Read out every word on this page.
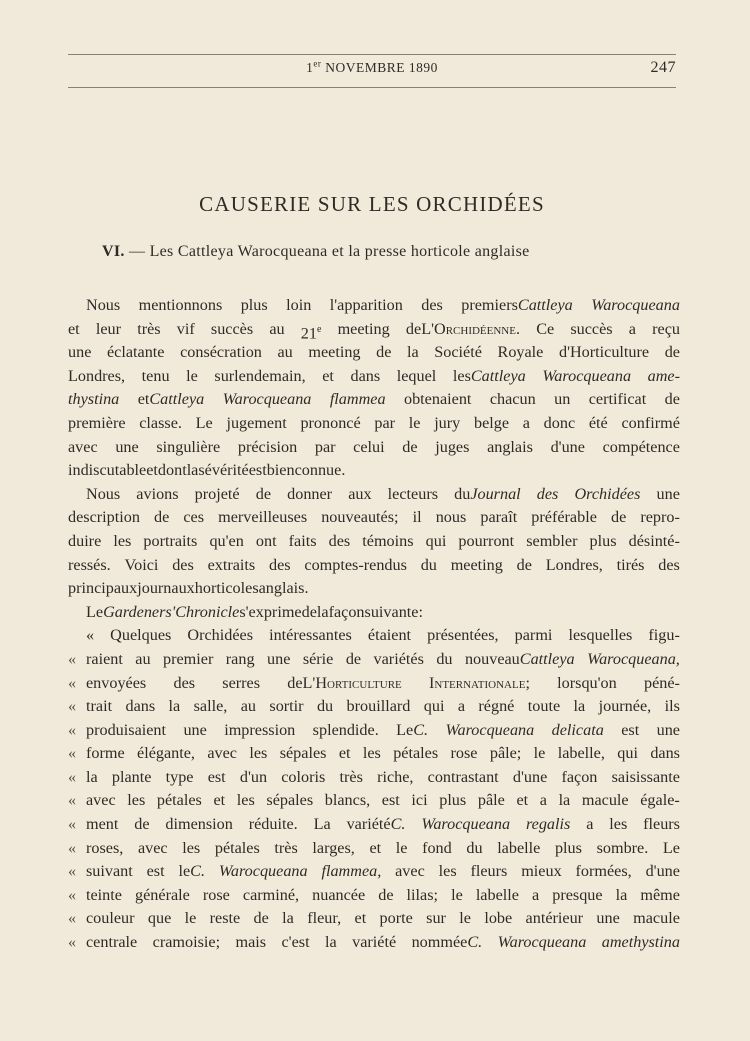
1er NOVEMBRE 1890	247
CAUSERIE SUR LES ORCHIDÉES
VI. — Les Cattleya Warocqueana et la presse horticole anglaise
Nous mentionnons plus loin l'apparition des premiersCattleya Warocqueana
et leur très vif succès au 21e meeting deL'Orchidéenne. Ce succès a reçu
une éclatante consécration au meeting de la Société Royale d'Horticulture de
Londres, tenu le surlendemain, et dans lequel lesCattleya Warocqueana ame-
thystina etCattleya Warocqueana flammea obtenaient chacun un certificat de
première classe. Le jugement prononcé par le jury belge a donc été confirmé
avec une singulière précision par celui de juges anglais d'une compétence
indiscutable et dont la sévérité est bien connue.
Nous avions projeté de donner aux lecteurs duJournal des Orchidées une
description de ces merveilleuses nouveautés; il nous paraît préférable de repro-
duire les portraits qu'en ont faits des témoins qui pourront sembler plus désinté-
ressés. Voici des extraits des comptes-rendus du meeting de Londres, tirés des
principaux journaux horticoles anglais.
LeGardeners' Chronicle s'exprime de la façon suivante :
« Quelques Orchidées intéressantes étaient présentées, parmi lesquelles figu-
« raient au premier rang une série de variétés du nouveauCattleya Warocqueana,
« envoyées des serres deL'Horticulture Internationale; lorsqu'on péné-
« trait dans la salle, au sortir du brouillard qui a régné toute la journée, ils
« produisaient une impression splendide. LeC. Warocqueana delicata est une
« forme élégante, avec les sépales et les pétales rose pâle; le labelle, qui dans
« la plante type est d'un coloris très riche, contrastant d'une façon saisissante
« avec les pétales et les sépales blancs, est ici plus pâle et a la macule égale-
« ment de dimension réduite. La variétéC. Warocqueana regalis a les fleurs
« roses, avec les pétales très larges, et le fond du labelle plus sombre. Le
« suivant est leC. Warocqueana flammea, avec les fleurs mieux formées, d'une
« teinte générale rose carminé, nuancée de lilas; le labelle a presque la même
« couleur que le reste de la fleur, et porte sur le lobe antérieur une macule
« centrale cramoisie; mais c'est la variété nomméeC. Warocqueana amethystina
